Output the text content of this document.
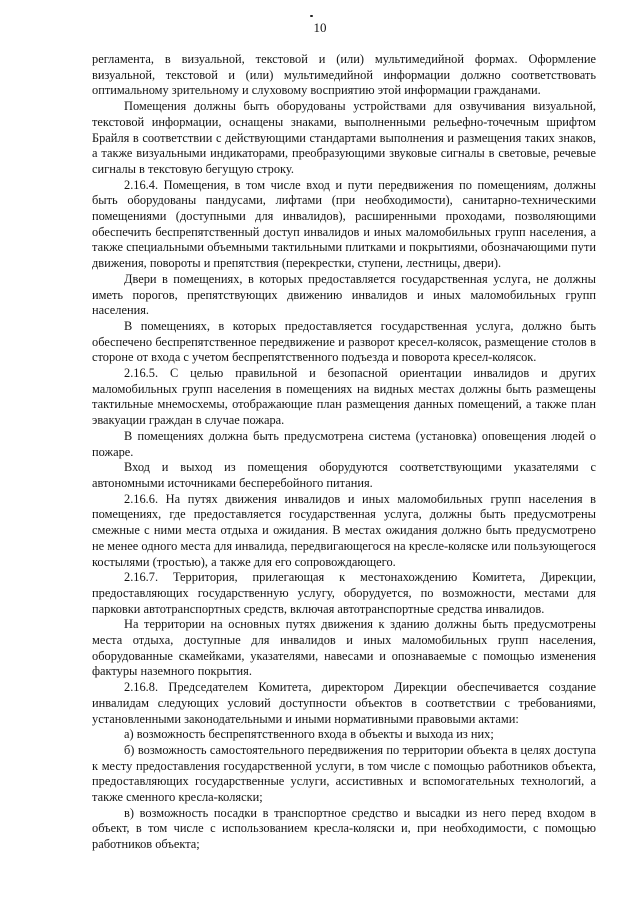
10

регламента, в визуальной, текстовой и (или) мультимедийной формах. Оформление визуальной, текстовой и (или) мультимедийной информации должно соответствовать оптимальному зрительному и слуховому восприятию этой информации гражданами.

Помещения должны быть оборудованы устройствами для озвучивания визуальной, текстовой информации, оснащены знаками, выполненными рельефно-точечным шрифтом Брайля в соответствии с действующими стандартами выполнения и размещения таких знаков, а также визуальными индикаторами, преобразующими звуковые сигналы в световые, речевые сигналы в текстовую бегущую строку.

2.16.4. Помещения, в том числе вход и пути передвижения по помещениям, должны быть оборудованы пандусами, лифтами (при необходимости), санитарно-техническими помещениями (доступными для инвалидов), расширенными проходами, позволяющими обеспечить беспрепятственный доступ инвалидов и иных маломобильных групп населения, а также специальными объемными тактильными плитками и покрытиями, обозначающими пути движения, повороты и препятствия (перекрестки, ступени, лестницы, двери).

Двери в помещениях, в которых предоставляется государственная услуга, не должны иметь порогов, препятствующих движению инвалидов и иных маломобильных групп населения.

В помещениях, в которых предоставляется государственная услуга, должно быть обеспечено беспрепятственное передвижение и разворот кресел-колясок, размещение столов в стороне от входа с учетом беспрепятственного подъезда и поворота кресел-колясок.

2.16.5. С целью правильной и безопасной ориентации инвалидов и других маломобильных групп населения в помещениях на видных местах должны быть размещены тактильные мнемосхемы, отображающие план размещения данных помещений, а также план эвакуации граждан в случае пожара.

В помещениях должна быть предусмотрена система (установка) оповещения людей о пожаре.

Вход и выход из помещения оборудуются соответствующими указателями с автономными источниками бесперебойного питания.

2.16.6. На путях движения инвалидов и иных маломобильных групп населения в помещениях, где предоставляется государственная услуга, должны быть предусмотрены смежные с ними места отдыха и ожидания. В местах ожидания должно быть предусмотрено не менее одного места для инвалида, передвигающегося на кресле-коляске или пользующегося костылями (тростью), а также для его сопровождающего.

2.16.7. Территория, прилегающая к местонахождению Комитета, Дирекции, предоставляющих государственную услугу, оборудуется, по возможности, местами для парковки автотранспортных средств, включая автотранспортные средства инвалидов.

На территории на основных путях движения к зданию должны быть предусмотрены места отдыха, доступные для инвалидов и иных маломобильных групп населения, оборудованные скамейками, указателями, навесами и опознаваемые с помощью изменения фактуры наземного покрытия.

2.16.8. Председателем Комитета, директором Дирекции обеспечивается создание инвалидам следующих условий доступности объектов в соответствии с требованиями, установленными законодательными и иными нормативными правовыми актами:

а) возможность беспрепятственного входа в объекты и выхода из них;

б) возможность самостоятельного передвижения по территории объекта в целях доступа к месту предоставления государственной услуги, в том числе с помощью работников объекта, предоставляющих государственные услуги, ассистивных и вспомогательных технологий, а также сменного кресла-коляски;

в) возможность посадки в транспортное средство и высадки из него перед входом в объект, в том числе с использованием кресла-коляски и, при необходимости, с помощью работников объекта;
